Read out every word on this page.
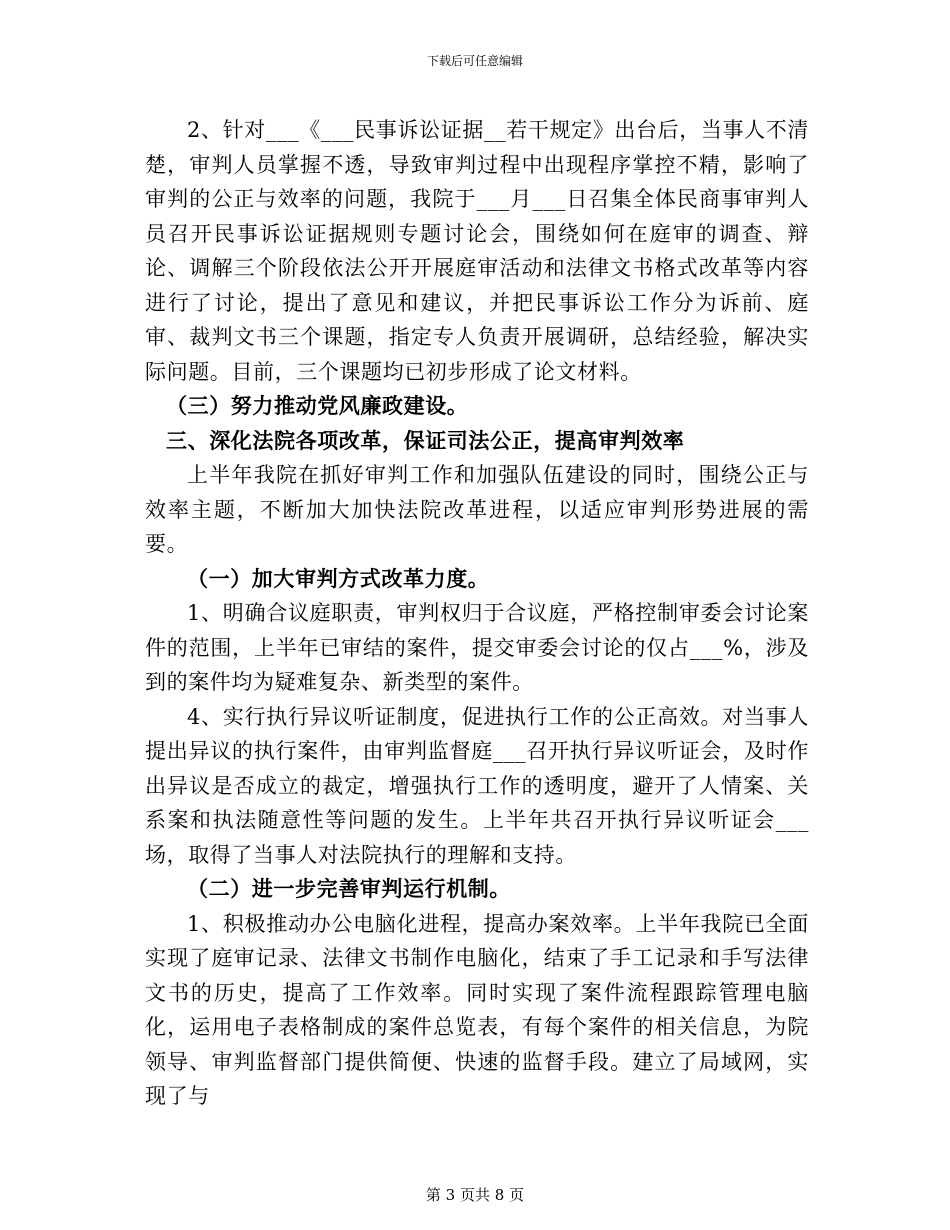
下载后可任意编辑

2、针对___《___民事诉讼证据__若干规定》出台后，当事人不清楚，审判人员掌握不透，导致审判过程中出现程序掌控不精，影响了审判的公正与效率的问题，我院于___月___日召集全体民商事审判人员召开民事诉讼证据规则专题讨论会，围绕如何在庭审的调查、辩论、调解三个阶段依法公开开展庭审活动和法律文书格式改革等内容进行了讨论，提出了意见和建议，并把民事诉讼工作分为诉前、庭审、裁判文书三个课题，指定专人负责开展调研，总结经验，解决实际问题。目前，三个课题均已初步形成了论文材料。

（三）努力推动党风廉政建设。

三、深化法院各项改革，保证司法公正，提高审判效率

上半年我院在抓好审判工作和加强队伍建设的同时，围绕公正与效率主题，不断加大加快法院改革进程，以适应审判形势进展的需要。

（一）加大审判方式改革力度。

1、明确合议庭职责，审判权归于合议庭，严格控制审委会讨论案件的范围，上半年已审结的案件，提交审委会讨论的仅占___%，涉及到的案件均为疑难复杂、新类型的案件。

4、实行执行异议听证制度，促进执行工作的公正高效。对当事人提出异议的执行案件，由审判监督庭___召开执行异议听证会，及时作出异议是否成立的裁定，增强执行工作的透明度，避开了人情案、关系案和执法随意性等问题的发生。上半年共召开执行异议听证会___场，取得了当事人对法院执行的理解和支持。

（二）进一步完善审判运行机制。

1、积极推动办公电脑化进程，提高办案效率。上半年我院已全面实现了庭审记录、法律文书制作电脑化，结束了手工记录和手写法律文书的历史，提高了工作效率。同时实现了案件流程跟踪管理电脑化，运用电子表格制成的案件总览表，有每个案件的相关信息，为院领导、审判监督部门提供简便、快速的监督手段。建立了局域网，实现了与

第 3 页共 8 页
